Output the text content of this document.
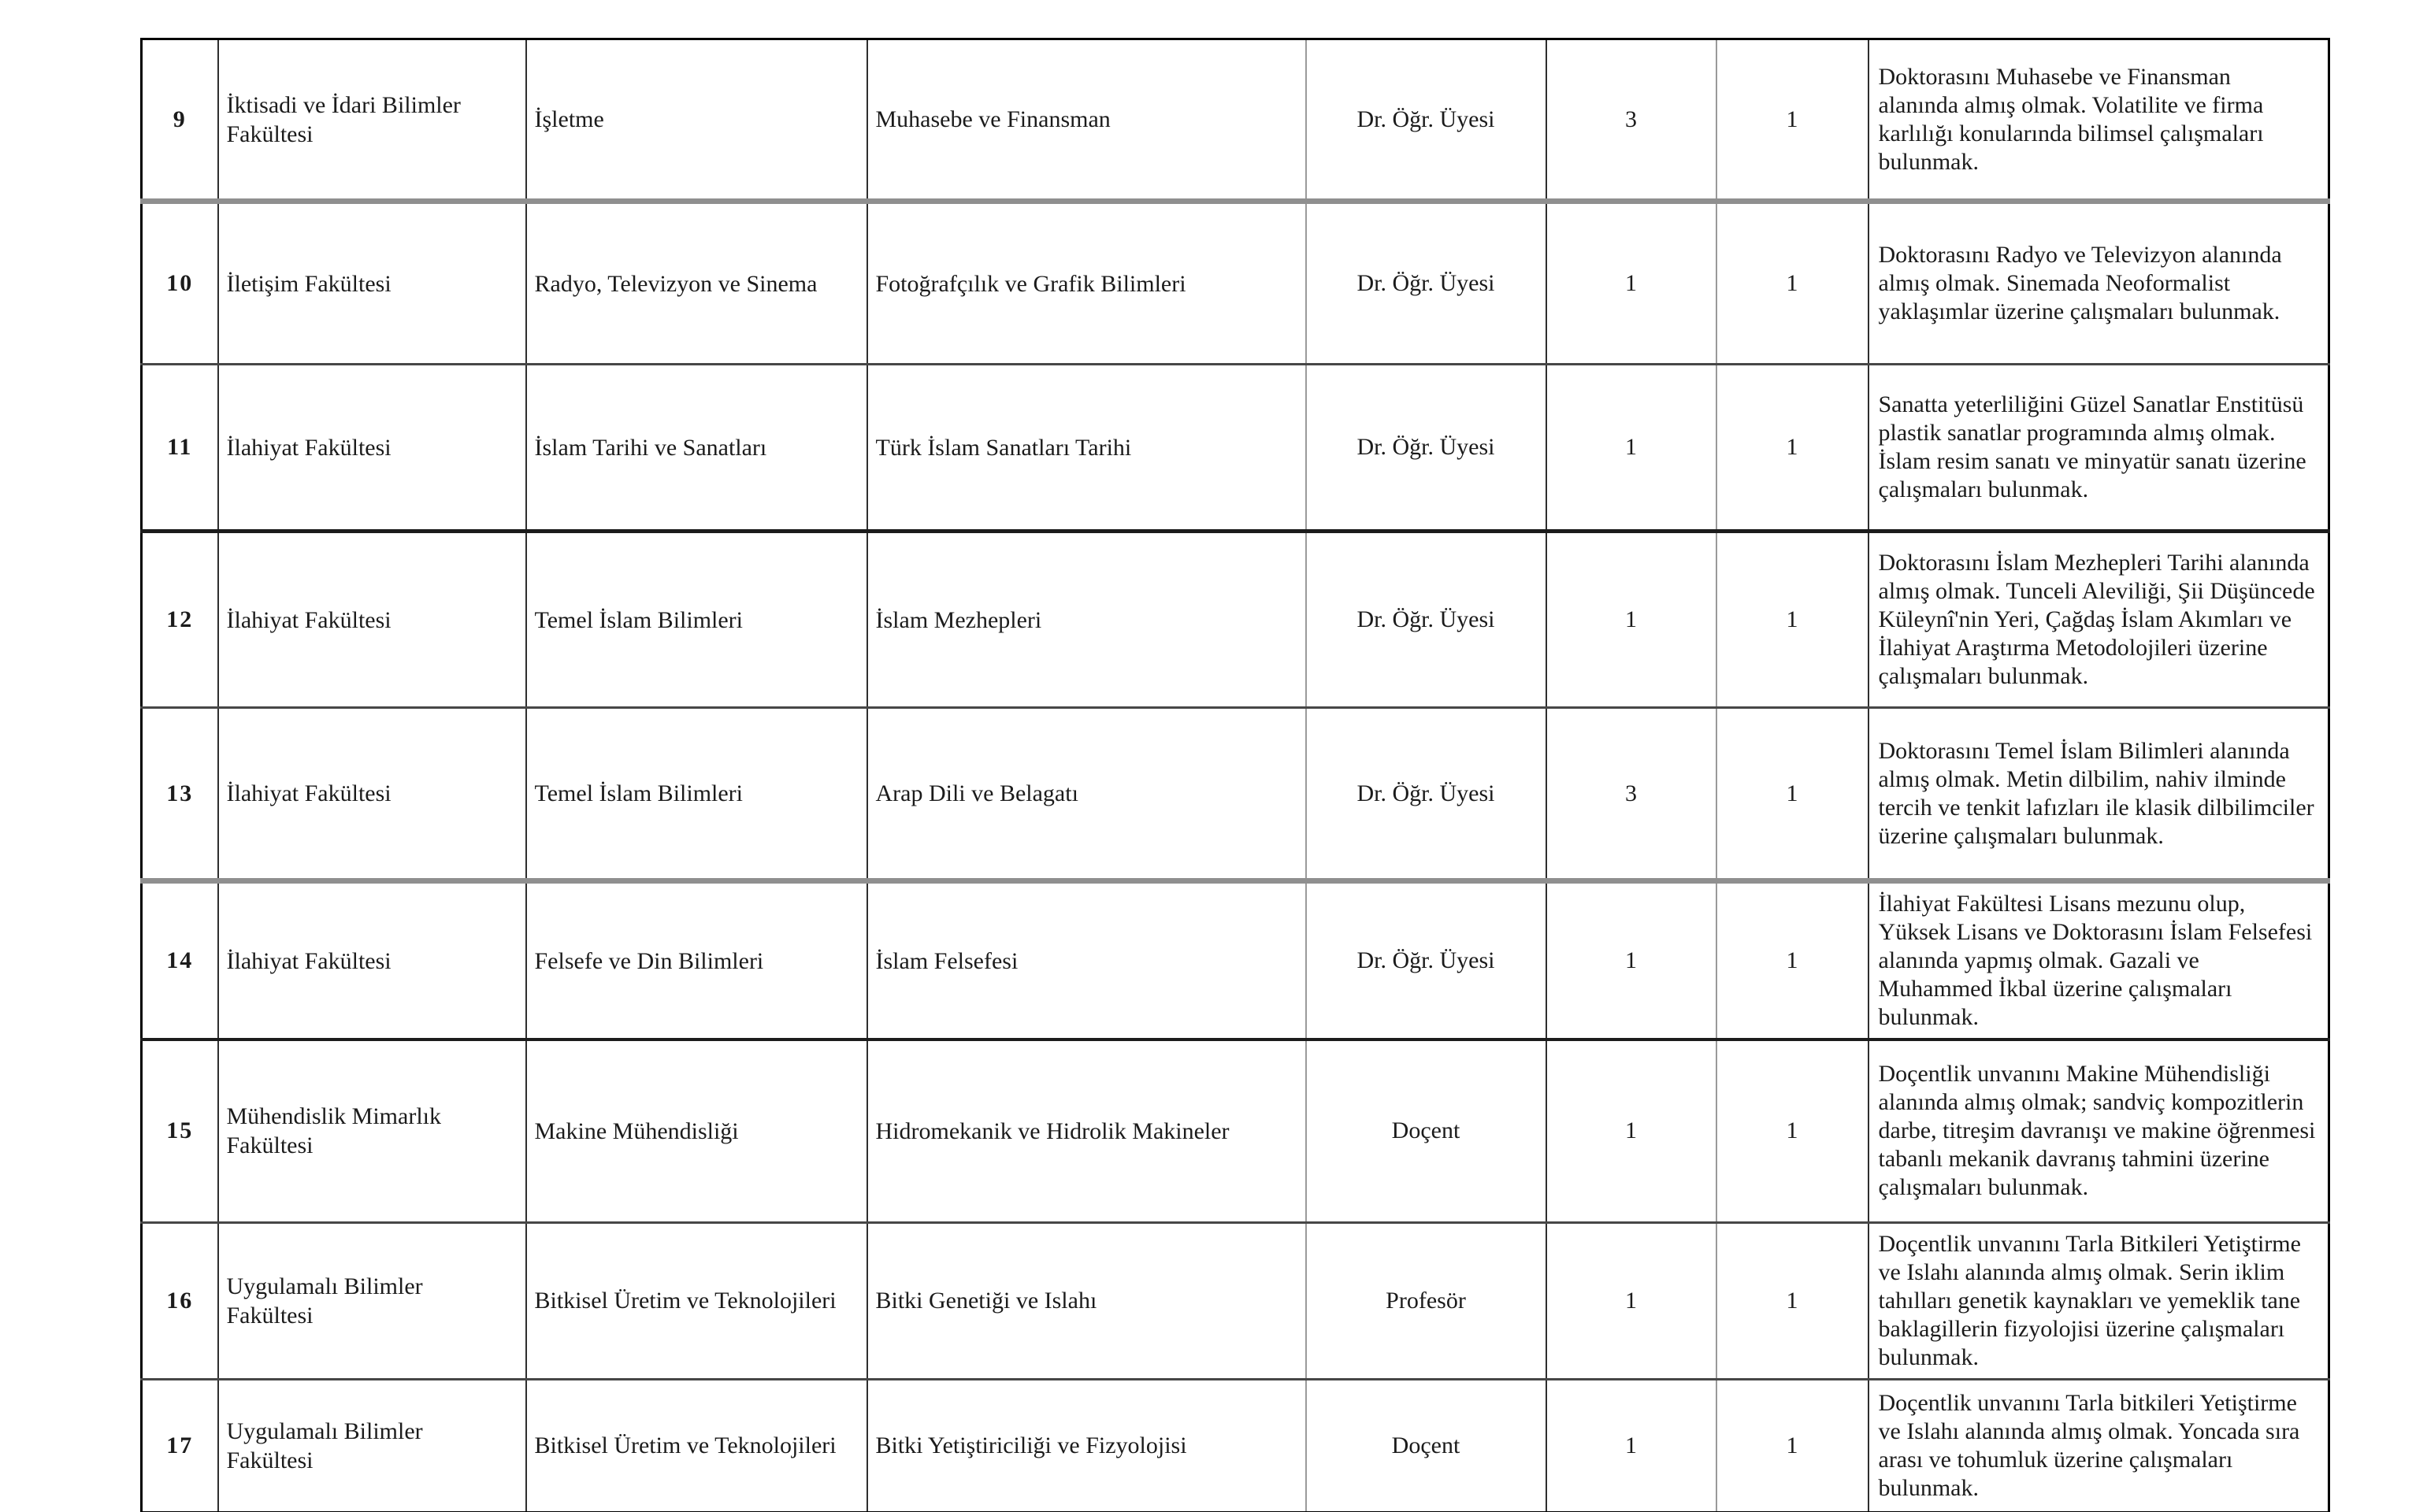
9	İktisadi ve İdari Bilimler Fakültesi	İşletme	Muhasebe ve Finansman	Dr. Öğr. Üyesi	3	1	Doktorasını Muhasebe ve Finansman alanında almış olmak. Volatilite ve firma karlılığı konularında bilimsel çalışmaları bulunmak.
10	İletişim Fakültesi	Radyo, Televizyon ve Sinema	Fotoğrafçılık ve Grafik Bilimleri	Dr. Öğr. Üyesi	1	1	Doktorasını Radyo ve Televizyon alanında almış olmak. Sinemada Neoformalist yaklaşımlar üzerine çalışmaları bulunmak.
11	İlahiyat Fakültesi	İslam Tarihi ve Sanatları	Türk İslam Sanatları Tarihi	Dr. Öğr. Üyesi	1	1	Sanatta yeterliliğini Güzel Sanatlar Enstitüsü plastik sanatlar programında almış olmak. İslam resim sanatı ve minyatür sanatı üzerine çalışmaları bulunmak.
12	İlahiyat Fakültesi	Temel İslam Bilimleri	İslam Mezhepleri	Dr. Öğr. Üyesi	1	1	Doktorasını İslam Mezhepleri Tarihi alanında almış olmak. Tunceli Aleviliği, Şii Düşüncede Küleynî'nin Yeri, Çağdaş İslam Akımları ve İlahiyat Araştırma Metodolojileri üzerine çalışmaları bulunmak.
13	İlahiyat Fakültesi	Temel İslam Bilimleri	Arap Dili ve Belagatı	Dr. Öğr. Üyesi	3	1	Doktorasını Temel İslam Bilimleri alanında almış olmak. Metin dilbilim, nahiv ilminde tercih ve tenkit lafızları ile klasik dilbilimciler üzerine çalışmaları bulunmak.
14	İlahiyat Fakültesi	Felsefe ve Din Bilimleri	İslam Felsefesi	Dr. Öğr. Üyesi	1	1	İlahiyat Fakültesi Lisans mezunu olup, Yüksek Lisans ve Doktorasını İslam Felsefesi alanında yapmış olmak. Gazali ve Muhammed İkbal üzerine çalışmaları bulunmak.
15	Mühendislik Mimarlık Fakültesi	Makine Mühendisliği	Hidromekanik ve Hidrolik Makineler	Doçent	1	1	Doçentlik unvanını Makine Mühendisliği alanında almış olmak; sandviç kompozitlerin darbe, titreşim davranışı ve makine öğrenmesi tabanlı mekanik davranış tahmini üzerine çalışmaları bulunmak.
16	Uygulamalı Bilimler Fakültesi	Bitkisel Üretim ve Teknolojileri	Bitki Genetiği ve Islahı	Profesör	1	1	Doçentlik unvanını Tarla Bitkileri Yetiştirme ve Islahı alanında almış olmak. Serin iklim tahılları genetik kaynakları ve yemeklik tane baklagillerin fizyolojisi üzerine çalışmaları bulunmak.
17	Uygulamalı Bilimler Fakültesi	Bitkisel Üretim ve Teknolojileri	Bitki Yetiştiriciliği ve Fizyolojisi	Doçent	1	1	Doçentlik unvanını Tarla bitkileri Yetiştirme ve Islahı alanında almış olmak. Yoncada sıra arası ve tohumluk üzerine çalışmaları bulunmak.
